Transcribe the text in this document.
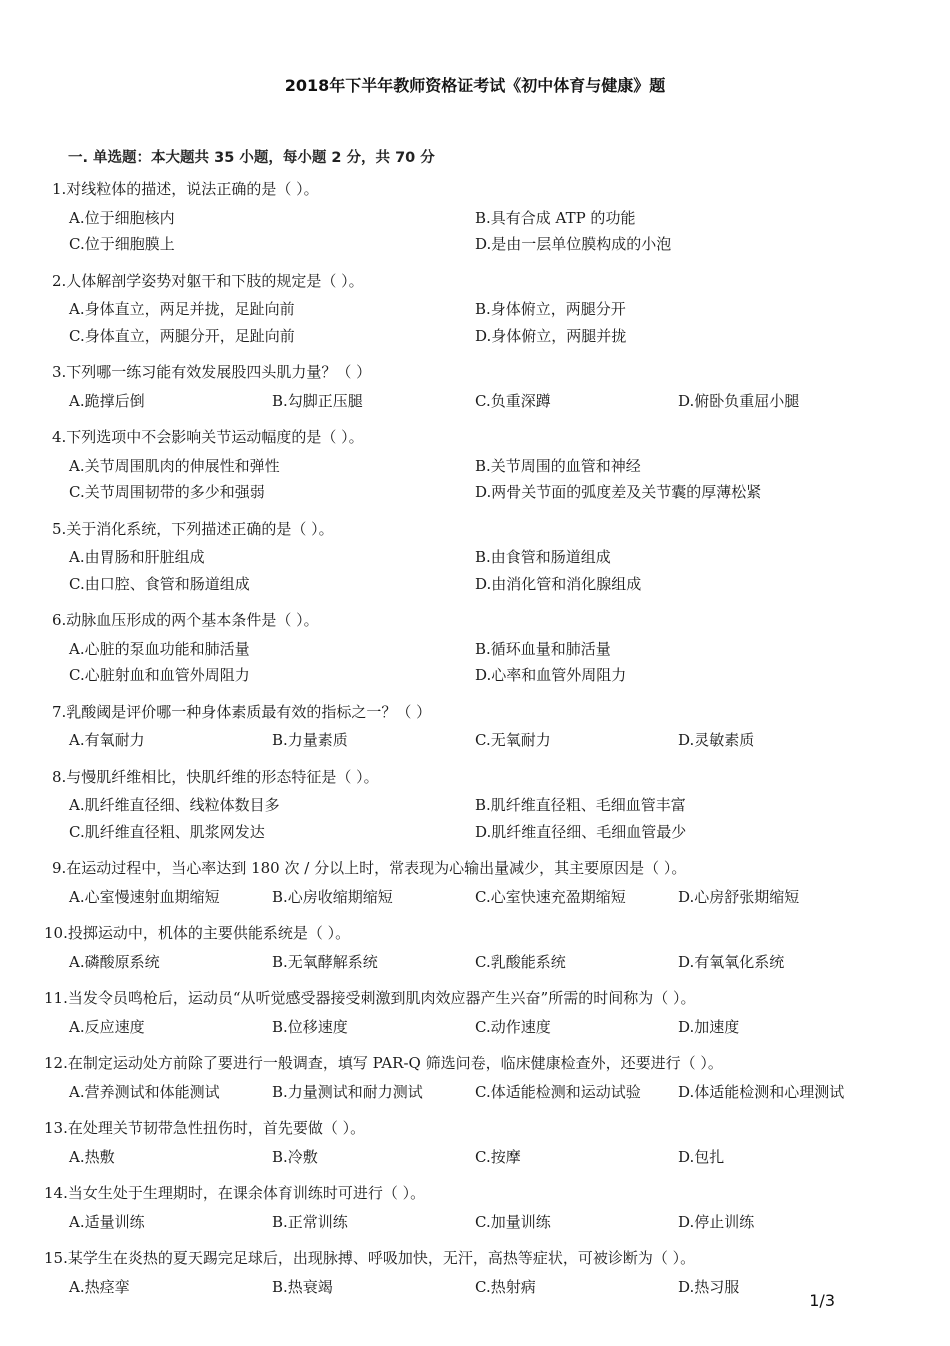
2018年下半年教师资格证考试《初中体育与健康》题
一. 单选题：本大题共 35 小题，每小题 2 分，共 70 分
1.对线粒体的描述，说法正确的是（ ）。
A.位于细胞核内	B.具有合成 ATP 的功能
C.位于细胞膜上	D.是由一层单位膜构成的小泡
2.人体解剖学姿势对躯干和下肢的规定是（ ）。
A.身体直立，两足并拢，足趾向前	B.身体俯立，两腿分开
C.身体直立，两腿分开，足趾向前	D.身体俯立，两腿并拢
3.下列哪一练习能有效发展股四头肌力量？（ ）
A.跪撑后倒	B.勾脚正压腿	C.负重深蹲	D.俯卧负重屈小腿
4.下列选项中不会影响关节运动幅度的是（ ）。
A.关节周围肌肉的伸展性和弹性	B.关节周围的血管和神经
C.关节周围韧带的多少和强弱	D.两骨关节面的弧度差及关节囊的厚薄松紧
5.关于消化系统，下列描述正确的是（ ）。
A.由胃肠和肝脏组成	B.由食管和肠道组成
C.由口腔、食管和肠道组成	D.由消化管和消化腺组成
6.动脉血压形成的两个基本条件是（ ）。
A.心脏的泵血功能和肺活量	B.循环血量和肺活量
C.心脏射血和血管外周阻力	D.心率和血管外周阻力
7.乳酸阈是评价哪一种身体素质最有效的指标之一？（ ）
A.有氧耐力	B.力量素质	C.无氧耐力	D.灵敏素质
8.与慢肌纤维相比，快肌纤维的形态特征是（ ）。
A.肌纤维直径细、线粒体数目多	B.肌纤维直径粗、毛细血管丰富
C.肌纤维直径粗、肌浆网发达	D.肌纤维直径细、毛细血管最少
9.在运动过程中，当心率达到 180 次 / 分以上时，常表现为心输出量减少，其主要原因是（ ）。
A.心室慢速射血期缩短	B.心房收缩期缩短	C.心室快速充盈期缩短	D.心房舒张期缩短
10.投掷运动中，机体的主要供能系统是（ ）。
A.磷酸原系统	B.无氧酵解系统	C.乳酸能系统	D.有氧氧化系统
11.当发令员鸣枪后，运动员“从听觉感受器接受刺激到肌肉效应器产生兴奋”所需的时间称为（ ）。
A.反应速度	B.位移速度	C.动作速度	D.加速度
12.在制定运动处方前除了要进行一般调查，填写 PAR-Q 筛选问卷，临床健康检查外，还要进行（ ）。
A.营养测试和体能测试	B.力量测试和耐力测试	C.体适能检测和运动试验 D.体适能检测和心理测试
13.在处理关节韧带急性扭伤时，首先要做（ ）。
A.热敷	B.冷敷	C.按摩	D.包扎
14.当女生处于生理期时，在课余体育训练时可进行（ ）。
A.适量训练	B.正常训练	C.加量训练	D.停止训练
15.某学生在炎热的夏天踢完足球后，出现脉搏、呼吸加快，无汗，高热等症状，可被诊断为（ ）。
A.热痉挛	B.热衰竭	C.热射病	D.热习服
1/3
